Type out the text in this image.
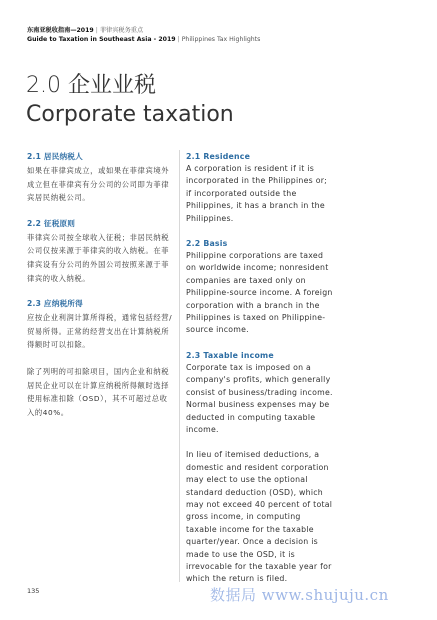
东南亚税收指南—2019 | 菲律宾税务重点
Guide to Taxation in Southeast Asia - 2019 | Philippines Tax Highlights
2.0 企业业税
Corporate taxation
2.1 居民纳税人
如果在菲律宾成立，或如果在菲律宾境外成立但在菲律宾有分公司的公司即为菲律宾居民纳税公司。
2.2 征税原则
菲律宾公司按全球收入征税；非居民纳税公司仅按来源于菲律宾的收入纳税。在菲律宾设有分公司的外国公司按照来源于菲律宾的收入纳税。
2.3 应纳税所得
应按企业利润计算所得税，通常包括经营/贸易所得。正常的经营支出在计算纳税所得额时可以扣除。
除了列明的可扣除项目，国内企业和纳税居民企业可以在计算应纳税所得额时选择使用标准扣除（OSD），其不可超过总收入的40%。
2.1 Residence
A corporation is resident if it is incorporated in the Philippines or; if incorporated outside the Philippines, it has a branch in the Philippines.
2.2 Basis
Philippine corporations are taxed on worldwide income; nonresident companies are taxed only on Philippine-source income. A foreign corporation with a branch in the Philippines is taxed on Philippine-source income.
2.3 Taxable income
Corporate tax is imposed on a company's profits, which generally consist of business/trading income. Normal business expenses may be deducted in computing taxable income.
In lieu of itemised deductions, a domestic and resident corporation may elect to use the optional standard deduction (OSD), which may not exceed 40 percent of total gross income, in computing taxable income for the taxable quarter/year. Once a decision is made to use the OSD, it is irrevocable for the taxable year for which the return is filed.
135	数据局 www.shujuju.cn
